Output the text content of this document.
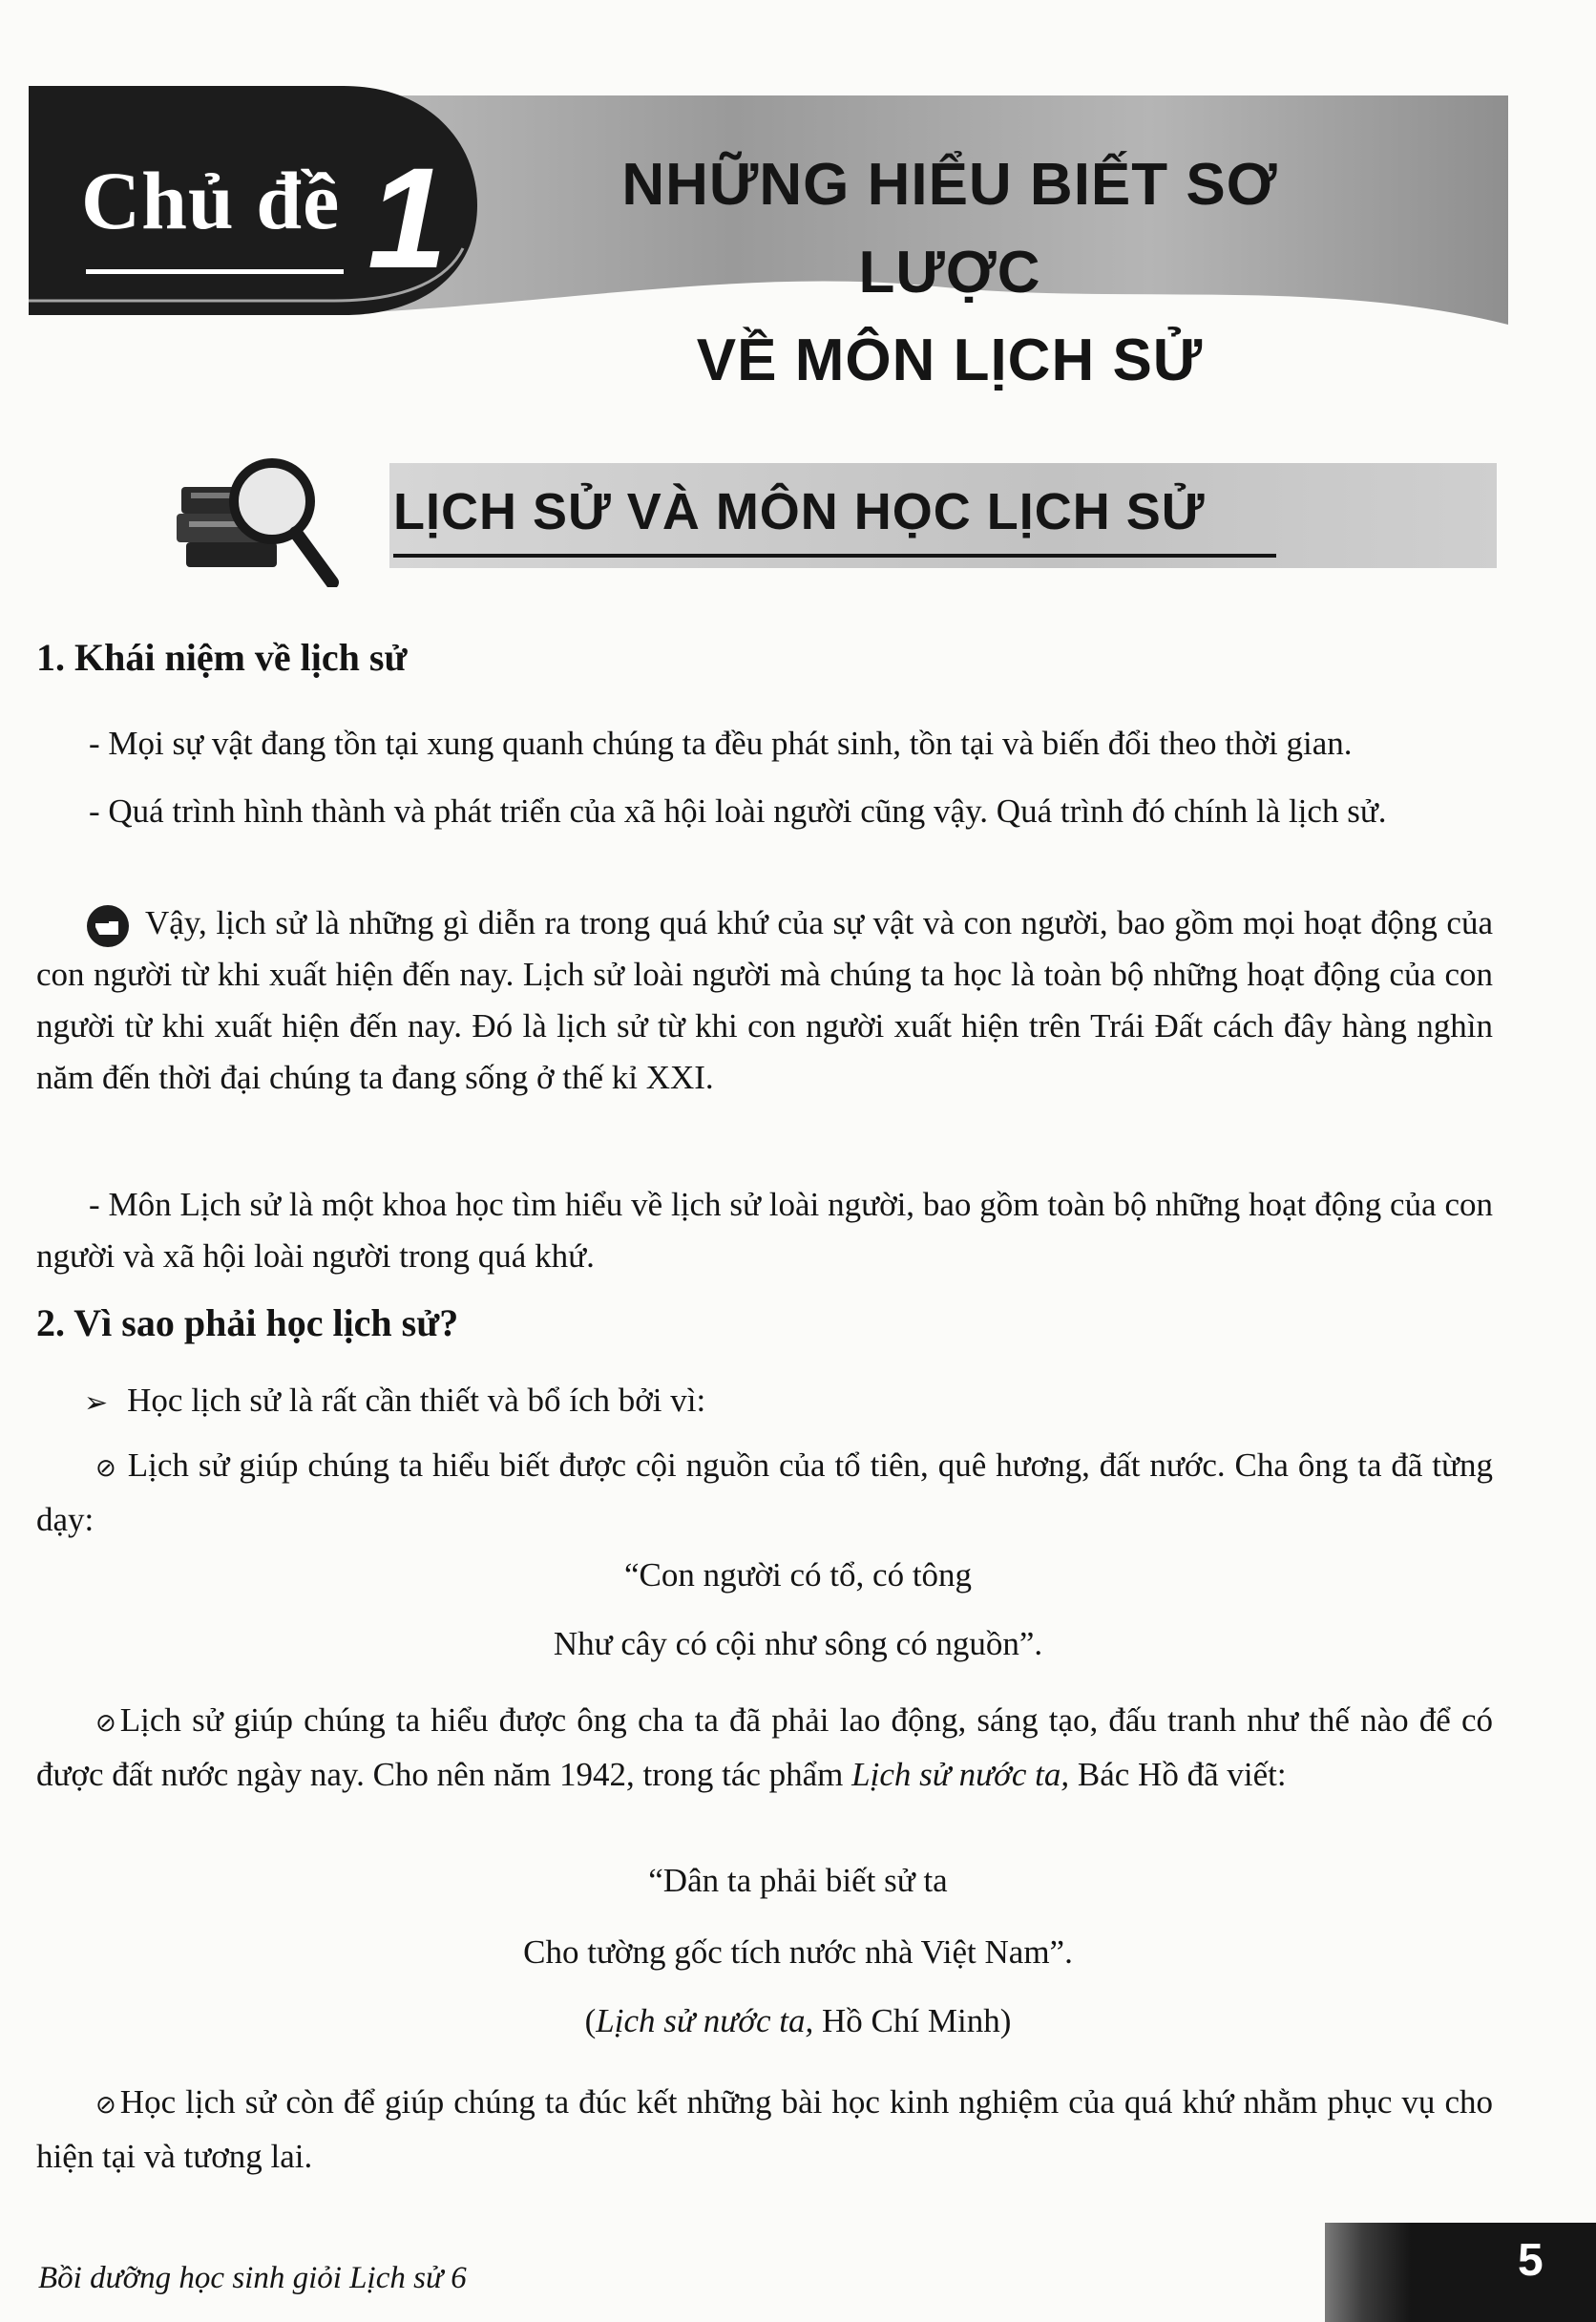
Chủ đề 1	NHỮNG HIỂU BIẾT SƠ LƯỢC
VỀ MÔN LỊCH SỬ
LỊCH SỬ VÀ MÔN HỌC LỊCH SỬ
1. Khái niệm về lịch sử
- Mọi sự vật đang tồn tại xung quanh chúng ta đều phát sinh, tồn tại và biến đổi theo thời gian.
- Quá trình hình thành và phát triển của xã hội loài người cũng vậy. Quá trình đó chính là lịch sử.
Vậy, lịch sử là những gì diễn ra trong quá khứ của sự vật và con người, bao gồm mọi hoạt động của con người từ khi xuất hiện đến nay. Lịch sử loài người mà chúng ta học là toàn bộ những hoạt động của con người từ khi xuất hiện đến nay. Đó là lịch sử từ khi con người xuất hiện trên Trái Đất cách đây hàng nghìn năm đến thời đại chúng ta đang sống ở thế kỉ XXI.
- Môn Lịch sử là một khoa học tìm hiểu về lịch sử loài người, bao gồm toàn bộ những hoạt động của con người và xã hội loài người trong quá khứ.
2. Vì sao phải học lịch sử?
➢ Học lịch sử là rất cần thiết và bổ ích bởi vì:
⊘ Lịch sử giúp chúng ta hiểu biết được cội nguồn của tổ tiên, quê hương, đất nước. Cha ông ta đã từng dạy:
“Con người có tổ, có tông
Như cây có cội như sông có nguồn”.
⊘ Lịch sử giúp chúng ta hiểu được ông cha ta đã phải lao động, sáng tạo, đấu tranh như thế nào để có được đất nước ngày nay. Cho nên năm 1942, trong tác phẩm Lịch sử nước ta, Bác Hồ đã viết:
“Dân ta phải biết sử ta
Cho tường gốc tích nước nhà Việt Nam”.
(Lịch sử nước ta, Hồ Chí Minh)
⊘ Học lịch sử còn để giúp chúng ta đúc kết những bài học kinh nghiệm của quá khứ nhằm phục vụ cho hiện tại và tương lai.
Bồi dưỡng học sinh giỏi Lịch sử 6	5
